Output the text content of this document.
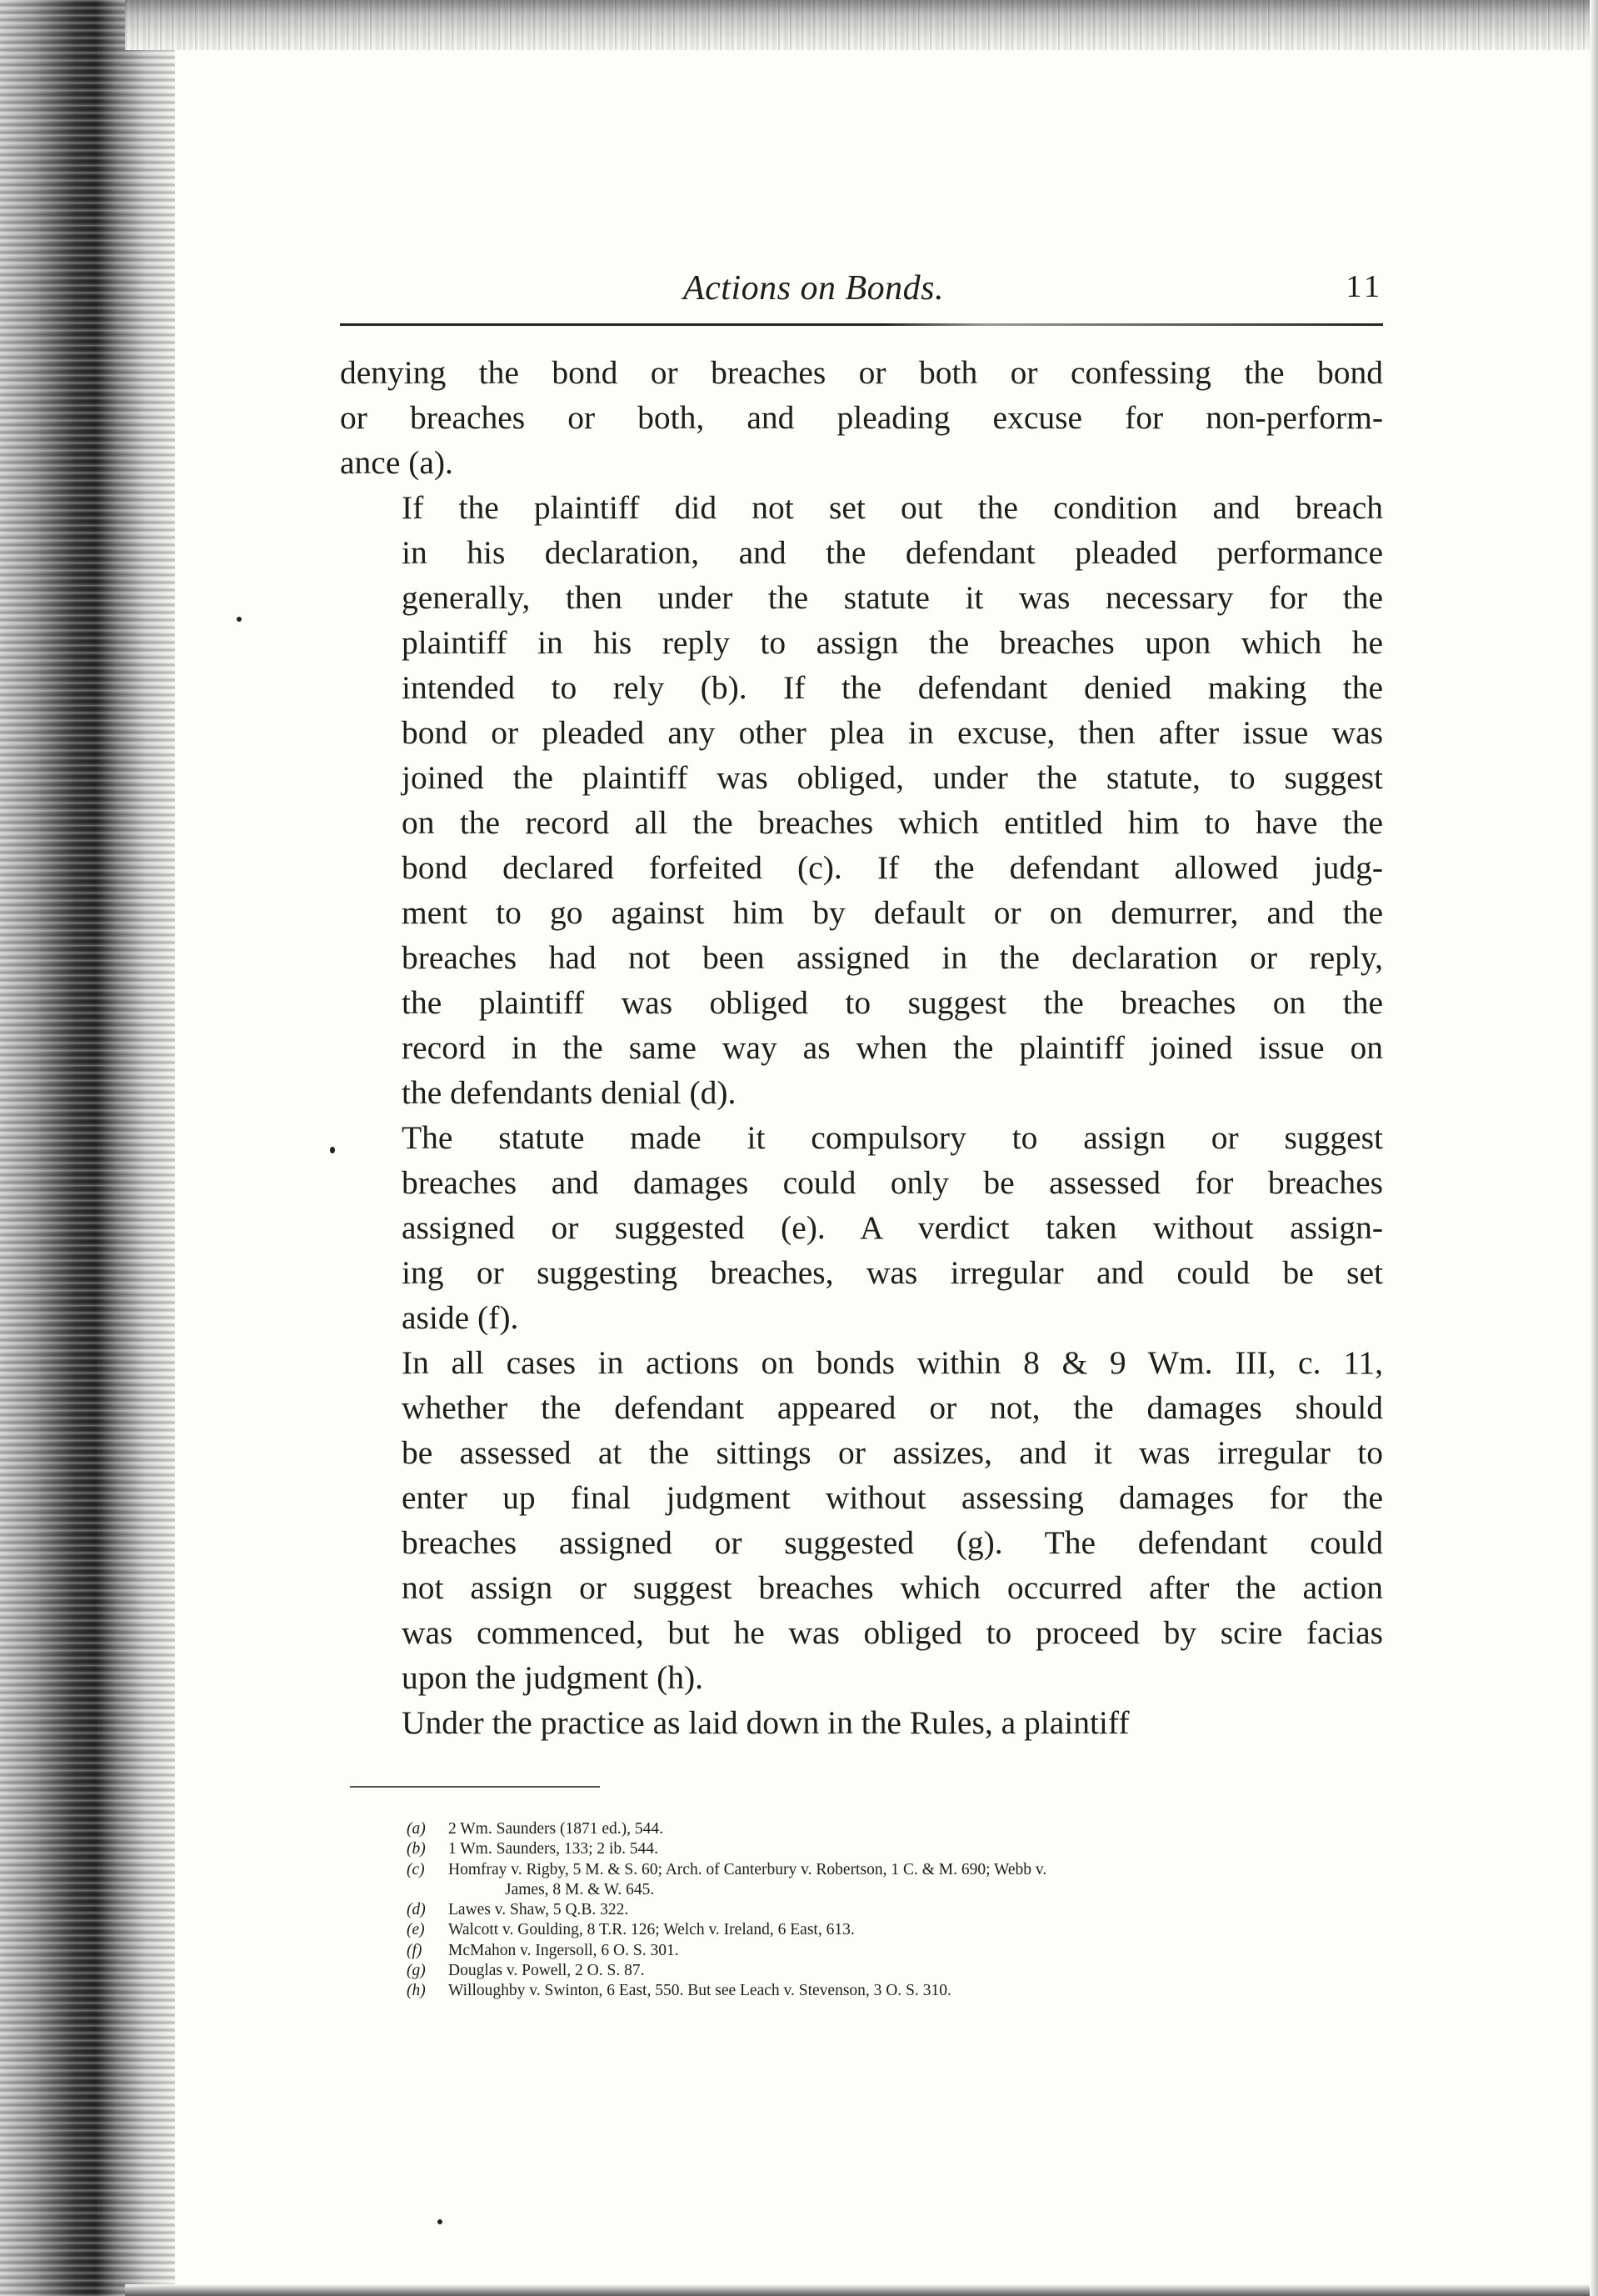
Actions on Bonds.	11

denying the bond or breaches or both or confessing the bond
or breaches or both, and pleading excuse for non-perform-
ance (a).

If the plaintiff did not set out the condition and breach
in his declaration, and the defendant pleaded performance
generally, then under the statute it was necessary for the
plaintiff in his reply to assign the breaches upon which he
intended to rely (b). If the defendant denied making the
bond or pleaded any other plea in excuse, then after issue was
joined the plaintiff was obliged, under the statute, to suggest
on the record all the breaches which entitled him to have the
bond declared forfeited (c). If the defendant allowed judg-
ment to go against him by default or on demurrer, and the
breaches had not been assigned in the declaration or reply,
the plaintiff was obliged to suggest the breaches on the
record in the same way as when the plaintiff joined issue on
the defendants denial (d).

The statute made it compulsory to assign or suggest
breaches and damages could only be assessed for breaches
assigned or suggested (e). A verdict taken without assign-
ing or suggesting breaches, was irregular and could be set
aside (f).

In all cases in actions on bonds within 8 & 9 Wm. III, c. 11,
whether the defendant appeared or not, the damages should
be assessed at the sittings or assizes, and it was irregular to
enter up final judgment without assessing damages for the
breaches assigned or suggested (g). The defendant could
not assign or suggest breaches which occurred after the action
was commenced, but he was obliged to proceed by scire facias
upon the judgment (h).

Under the practice as laid down in the Rules, a plaintiff

(a) 2 Wm. Saunders (1871 ed.), 544.
(b) 1 Wm. Saunders, 133; 2 ib. 544.
(c) Homfray v. Rigby, 5 M. & S. 60; Arch. of Canterbury v. Robertson, 1 C. & M. 690; Webb v.
James, 8 M. & W. 645.
(d) Lawes v. Shaw, 5 Q.B. 322.
(e) Walcott v. Goulding, 8 T.R. 126; Welch v. Ireland, 6 East, 613.
(f) McMahon v. Ingersoll, 6 O. S. 301.
(g) Douglas v. Powell, 2 O. S. 87.
(h) Willoughby v. Swinton, 6 East, 550. But see Leach v. Stevenson, 3 O. S. 310.
